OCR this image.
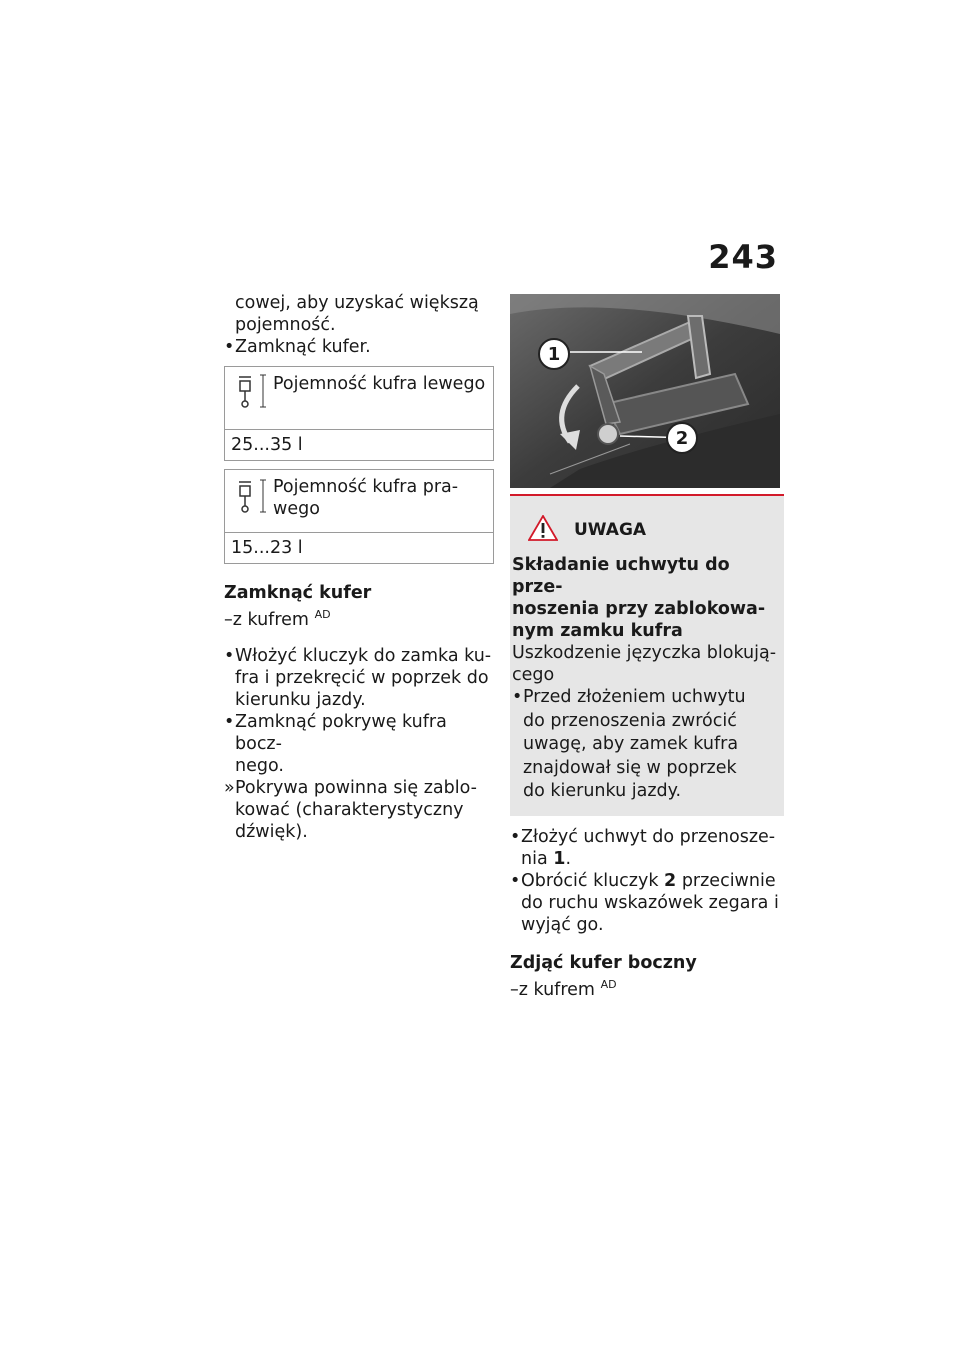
243
cowej, aby uzyskać większą
pojemność.
• Zamknąć kufer.
Pojemność kufra lewego
25...35 l
Pojemność kufra pra-
wego
15...23 l
Zamknąć kufer
–z kufrem $^{AD}$
• Włożyć kluczyk do zamka ku-
fra i przekręcić w poprzek do
kierunku jazdy.
• Zamknąć pokrywę kufra bocz-
nego.
» Pokrywa powinna się zablo-
kować (charakterystyczny
dźwięk).
1
2
UWAGA
Składanie uchwytu do prze-
noszenia przy zablokowa-
nym zamku kufra
Uszkodzenie języczka blokują-
cego
• Przed złożeniem uchwytu
do przenoszenia zwrócić
uwagę, aby zamek kufra
znajdował się w poprzek
do kierunku jazdy.
• Złożyć uchwyt do przenosze-
nia 1.
• Obrócić kluczyk 2 przeciwnie
do ruchu wskazówek zegara i
wyjąć go.
Zdjąć kufer boczny
–z kufrem $^{AD}$
